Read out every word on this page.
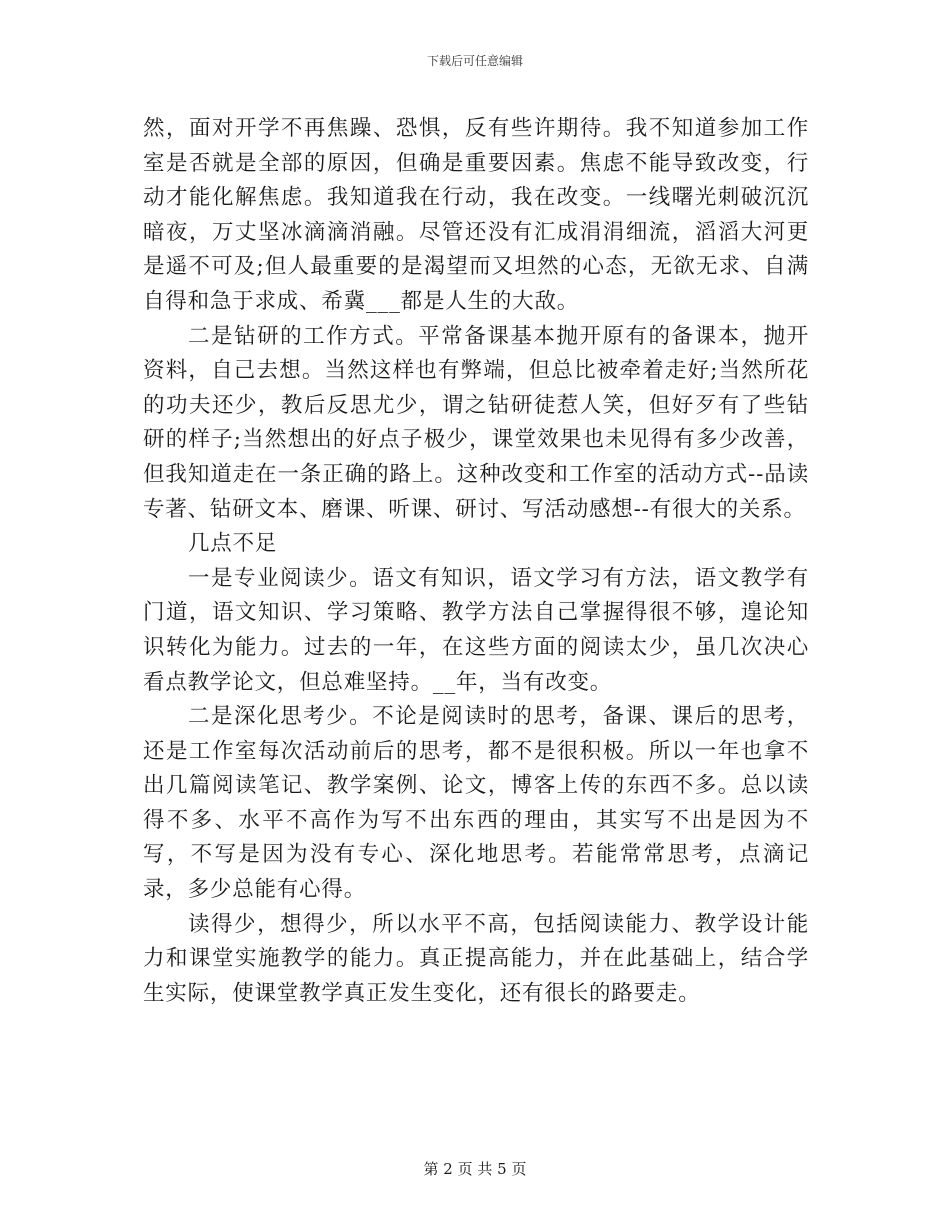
下载后可任意编辑

然，面对开学不再焦躁、恐惧，反有些许期待。我不知道参加工作室是否就是全部的原因，但确是重要因素。焦虑不能导致改变，行动才能化解焦虑。我知道我在行动，我在改变。一线曙光刺破沉沉暗夜，万丈坚冰滴滴消融。尽管还没有汇成涓涓细流，滔滔大河更是遥不可及;但人最重要的是渴望而又坦然的心态，无欲无求、自满自得和急于求成、希冀___都是人生的大敌。

二是钻研的工作方式。平常备课基本抛开原有的备课本，抛开资料，自己去想。当然这样也有弊端，但总比被牵着走好;当然所花的功夫还少，教后反思尤少，谓之钻研徒惹人笑，但好歹有了些钻研的样子;当然想出的好点子极少，课堂效果也未见得有多少改善，但我知道走在一条正确的路上。这种改变和工作室的活动方式--品读专著、钻研文本、磨课、听课、研讨、写活动感想--有很大的关系。

几点不足

一是专业阅读少。语文有知识，语文学习有方法，语文教学有门道，语文知识、学习策略、教学方法自己掌握得很不够，遑论知识转化为能力。过去的一年，在这些方面的阅读太少，虽几次决心看点教学论文，但总难坚持。__年，当有改变。

二是深化思考少。不论是阅读时的思考，备课、课后的思考，还是工作室每次活动前后的思考，都不是很积极。所以一年也拿不出几篇阅读笔记、教学案例、论文，博客上传的东西不多。总以读得不多、水平不高作为写不出东西的理由，其实写不出是因为不写，不写是因为没有专心、深化地思考。若能常常思考，点滴记录，多少总能有心得。

读得少，想得少，所以水平不高，包括阅读能力、教学设计能力和课堂实施教学的能力。真正提高能力，并在此基础上，结合学生实际，使课堂教学真正发生变化，还有很长的路要走。

第 2 页 共 5 页
